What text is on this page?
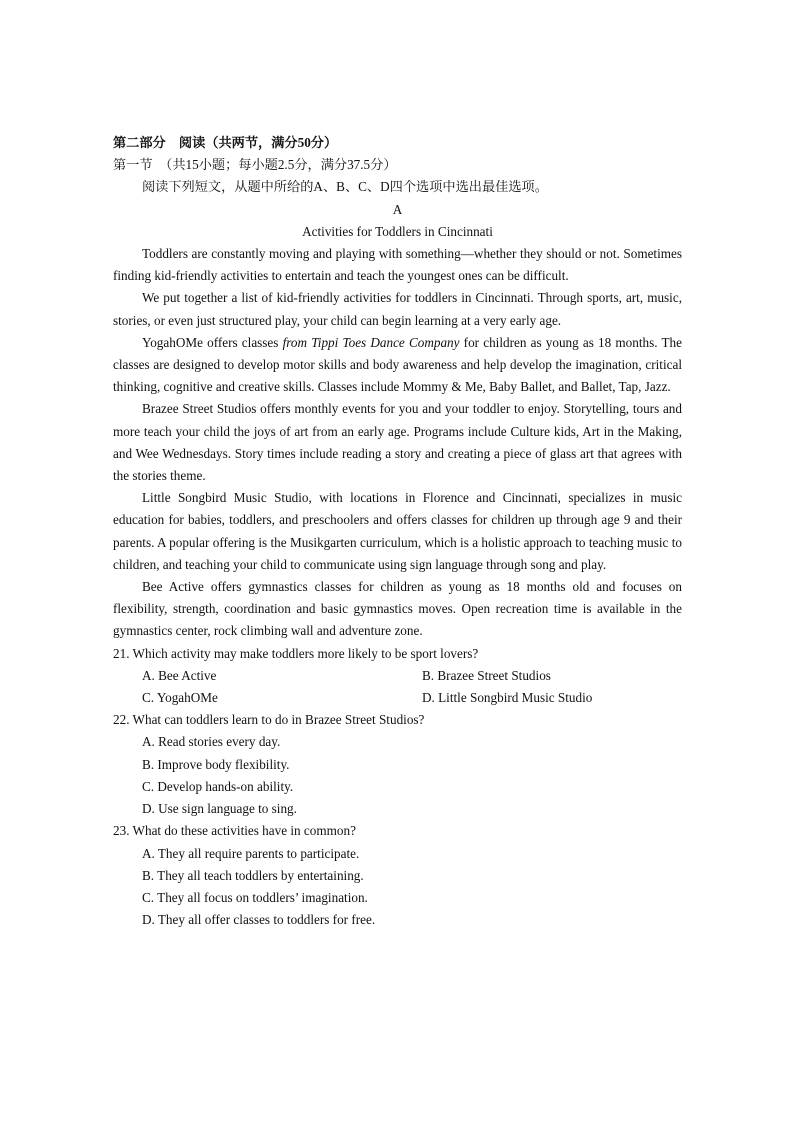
第二部分　阅读（共两节，满分50分）

第一节　（共15小题；每小题2.5分，满分37.5分）

阅读下列短文，从题中所给的A、B、C、D四个选项中选出最佳选项。

A

Activities for Toddlers in Cincinnati

Toddlers are constantly moving and playing with something—whether they should or not. Sometimes finding kid-friendly activities to entertain and teach the youngest ones can be difficult.

We put together a list of kid-friendly activities for toddlers in Cincinnati. Through sports, art, music, stories, or even just structured play, your child can begin learning at a very early age.

YogahOMe offers classes from Tippi Toes Dance Company for children as young as 18 months. The classes are designed to develop motor skills and body awareness and help develop the imagination, critical thinking, cognitive and creative skills. Classes include Mommy & Me, Baby Ballet, and Ballet, Tap, Jazz.

Brazee Street Studios offers monthly events for you and your toddler to enjoy. Storytelling, tours and more teach your child the joys of art from an early age. Programs include Culture kids, Art in the Making, and Wee Wednesdays. Story times include reading a story and creating a piece of glass art that agrees with the stories theme.

Little Songbird Music Studio, with locations in Florence and Cincinnati, specializes in music education for babies, toddlers, and preschoolers and offers classes for children up through age 9 and their parents. A popular offering is the Musikgarten curriculum, which is a holistic approach to teaching music to children, and teaching your child to communicate using sign language through song and play.

Bee Active offers gymnastics classes for children as young as 18 months old and focuses on flexibility, strength, coordination and basic gymnastics moves. Open recreation time is available in the gymnastics center, rock climbing wall and adventure zone.

21. Which activity may make toddlers more likely to be sport lovers?

A. Bee Active	B. Brazee Street Studios
C. YogahOMe	D. Little Songbird Music Studio

22. What can toddlers learn to do in Brazee Street Studios?

A. Read stories every day.

B. Improve body flexibility.

C. Develop hands-on ability.

D. Use sign language to sing.

23. What do these activities have in common?

A. They all require parents to participate.

B. They all teach toddlers by entertaining.

C. They all focus on toddlers’ imagination.

D. They all offer classes to toddlers for free.
